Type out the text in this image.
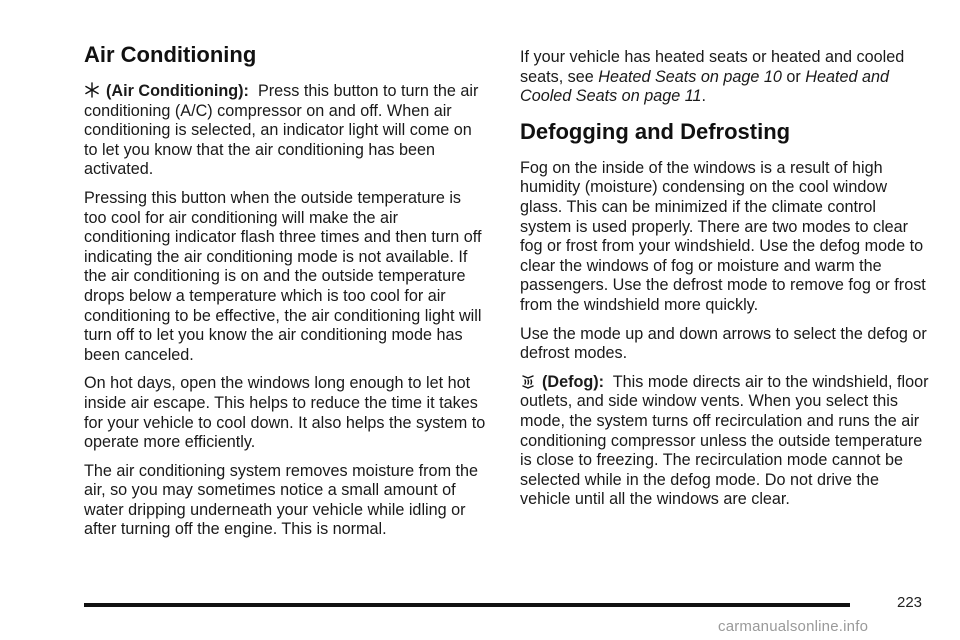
Air Conditioning

(Air Conditioning): Press this button to turn the air conditioning (A/C) compressor on and off. When air conditioning is selected, an indicator light will come on to let you know that the air conditioning has been activated.

Pressing this button when the outside temperature is too cool for air conditioning will make the air conditioning indicator flash three times and then turn off indicating the air conditioning mode is not available. If the air conditioning is on and the outside temperature drops below a temperature which is too cool for air conditioning to be effective, the air conditioning light will turn off to let you know the air conditioning mode has been canceled.

On hot days, open the windows long enough to let hot inside air escape. This helps to reduce the time it takes for your vehicle to cool down. It also helps the system to operate more efficiently.

The air conditioning system removes moisture from the air, so you may sometimes notice a small amount of water dripping underneath your vehicle while idling or after turning off the engine. This is normal.

If your vehicle has heated seats or heated and cooled seats, see Heated Seats on page 10 or Heated and Cooled Seats on page 11.

Defogging and Defrosting

Fog on the inside of the windows is a result of high humidity (moisture) condensing on the cool window glass. This can be minimized if the climate control system is used properly. There are two modes to clear fog or frost from your windshield. Use the defog mode to clear the windows of fog or moisture and warm the passengers. Use the defrost mode to remove fog or frost from the windshield more quickly.

Use the mode up and down arrows to select the defog or defrost modes.

(Defog): This mode directs air to the windshield, floor outlets, and side window vents. When you select this mode, the system turns off recirculation and runs the air conditioning compressor unless the outside temperature is close to freezing. The recirculation mode cannot be selected while in the defog mode. Do not drive the vehicle until all the windows are clear.

223
carmanualsonline.info
